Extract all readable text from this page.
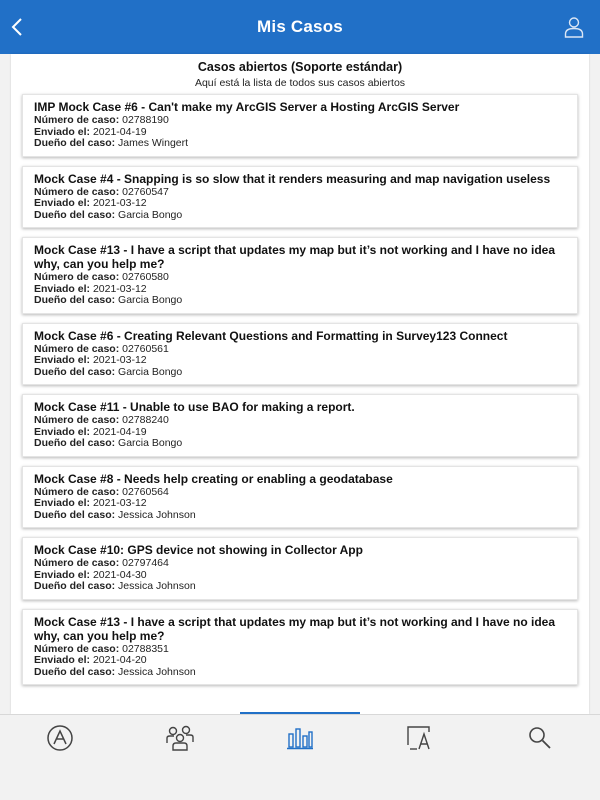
Mis Casos
Casos abiertos (Soporte estándar)
Aquí está la lista de todos sus casos abiertos
IMP Mock Case #6 - Can't make my ArcGIS Server a Hosting ArcGIS Server
Número de caso: 02788190
Enviado el: 2021-04-19
Dueño del caso: James Wingert
Mock Case #4 - Snapping is so slow that it renders measuring and map navigation useless
Número de caso: 02760547
Enviado el: 2021-03-12
Dueño del caso: Garcia Bongo
Mock Case #13 - I have a script that updates my map but it’s not working and I have no idea why, can you help me?
Número de caso: 02760580
Enviado el: 2021-03-12
Dueño del caso: Garcia Bongo
Mock Case #6 - Creating Relevant Questions and Formatting in Survey123 Connect
Número de caso: 02760561
Enviado el: 2021-03-12
Dueño del caso: Garcia Bongo
Mock Case #11 - Unable to use BAO for making a report.
Número de caso: 02788240
Enviado el: 2021-04-19
Dueño del caso: Garcia Bongo
Mock Case #8 - Needs help creating or enabling a geodatabase
Número de caso: 02760564
Enviado el: 2021-03-12
Dueño del caso: Jessica Johnson
Mock Case #10: GPS device not showing in Collector App
Número de caso: 02797464
Enviado el: 2021-04-30
Dueño del caso: Jessica Johnson
Mock Case #13 - I have a script that updates my map but it’s not working and I have no idea why, can you help me?
Número de caso: 02788351
Enviado el: 2021-04-20
Dueño del caso: Jessica Johnson
